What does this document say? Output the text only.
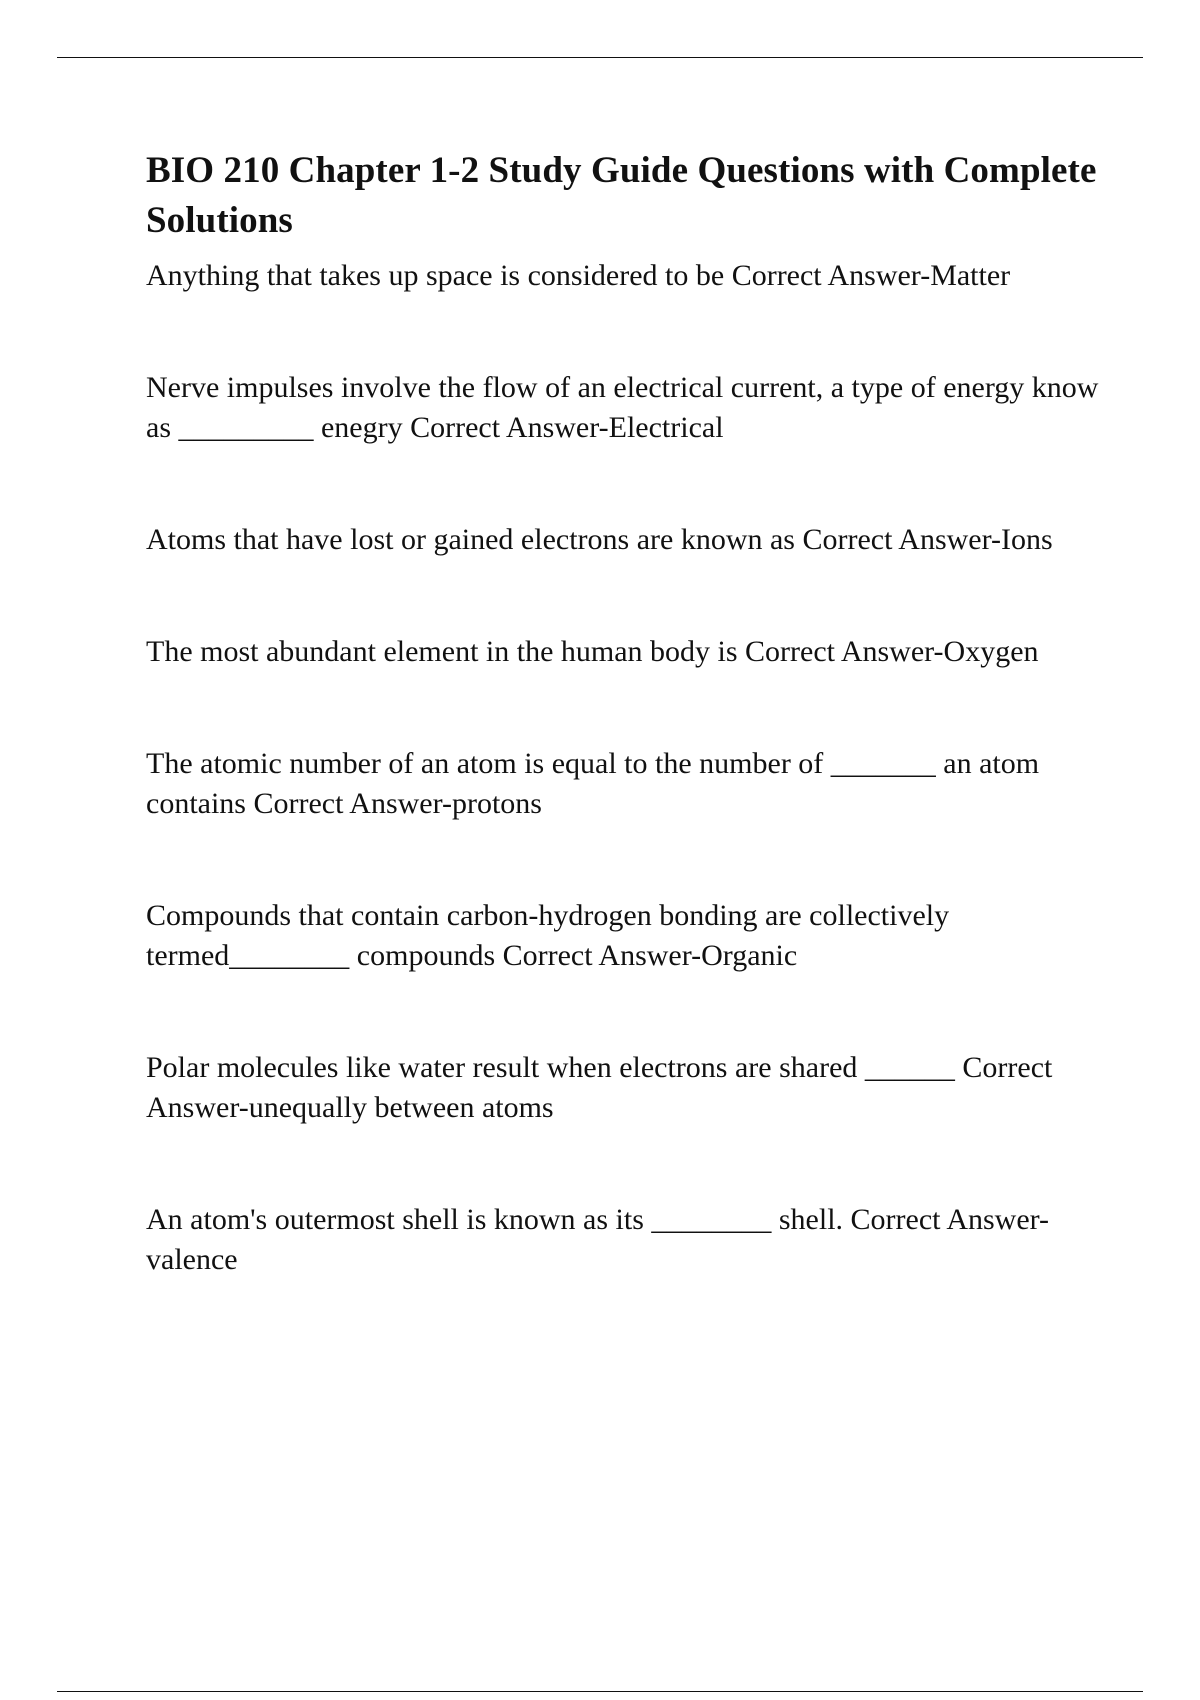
BIO 210 Chapter 1-2 Study Guide Questions with Complete Solutions

Anything that takes up space is considered to be Correct Answer-Matter

Nerve impulses involve the flow of an electrical current, a type of energy know as _________ enegry Correct Answer-Electrical

Atoms that have lost or gained electrons are known as Correct Answer-Ions

The most abundant element in the human body is Correct Answer-Oxygen

The atomic number of an atom is equal to the number of _______ an atom contains Correct Answer-protons

Compounds that contain carbon-hydrogen bonding are collectively termed________ compounds Correct Answer-Organic

Polar molecules like water result when electrons are shared ______ Correct Answer-unequally between atoms

An atom's outermost shell is known as its ________ shell. Correct Answer-valence
